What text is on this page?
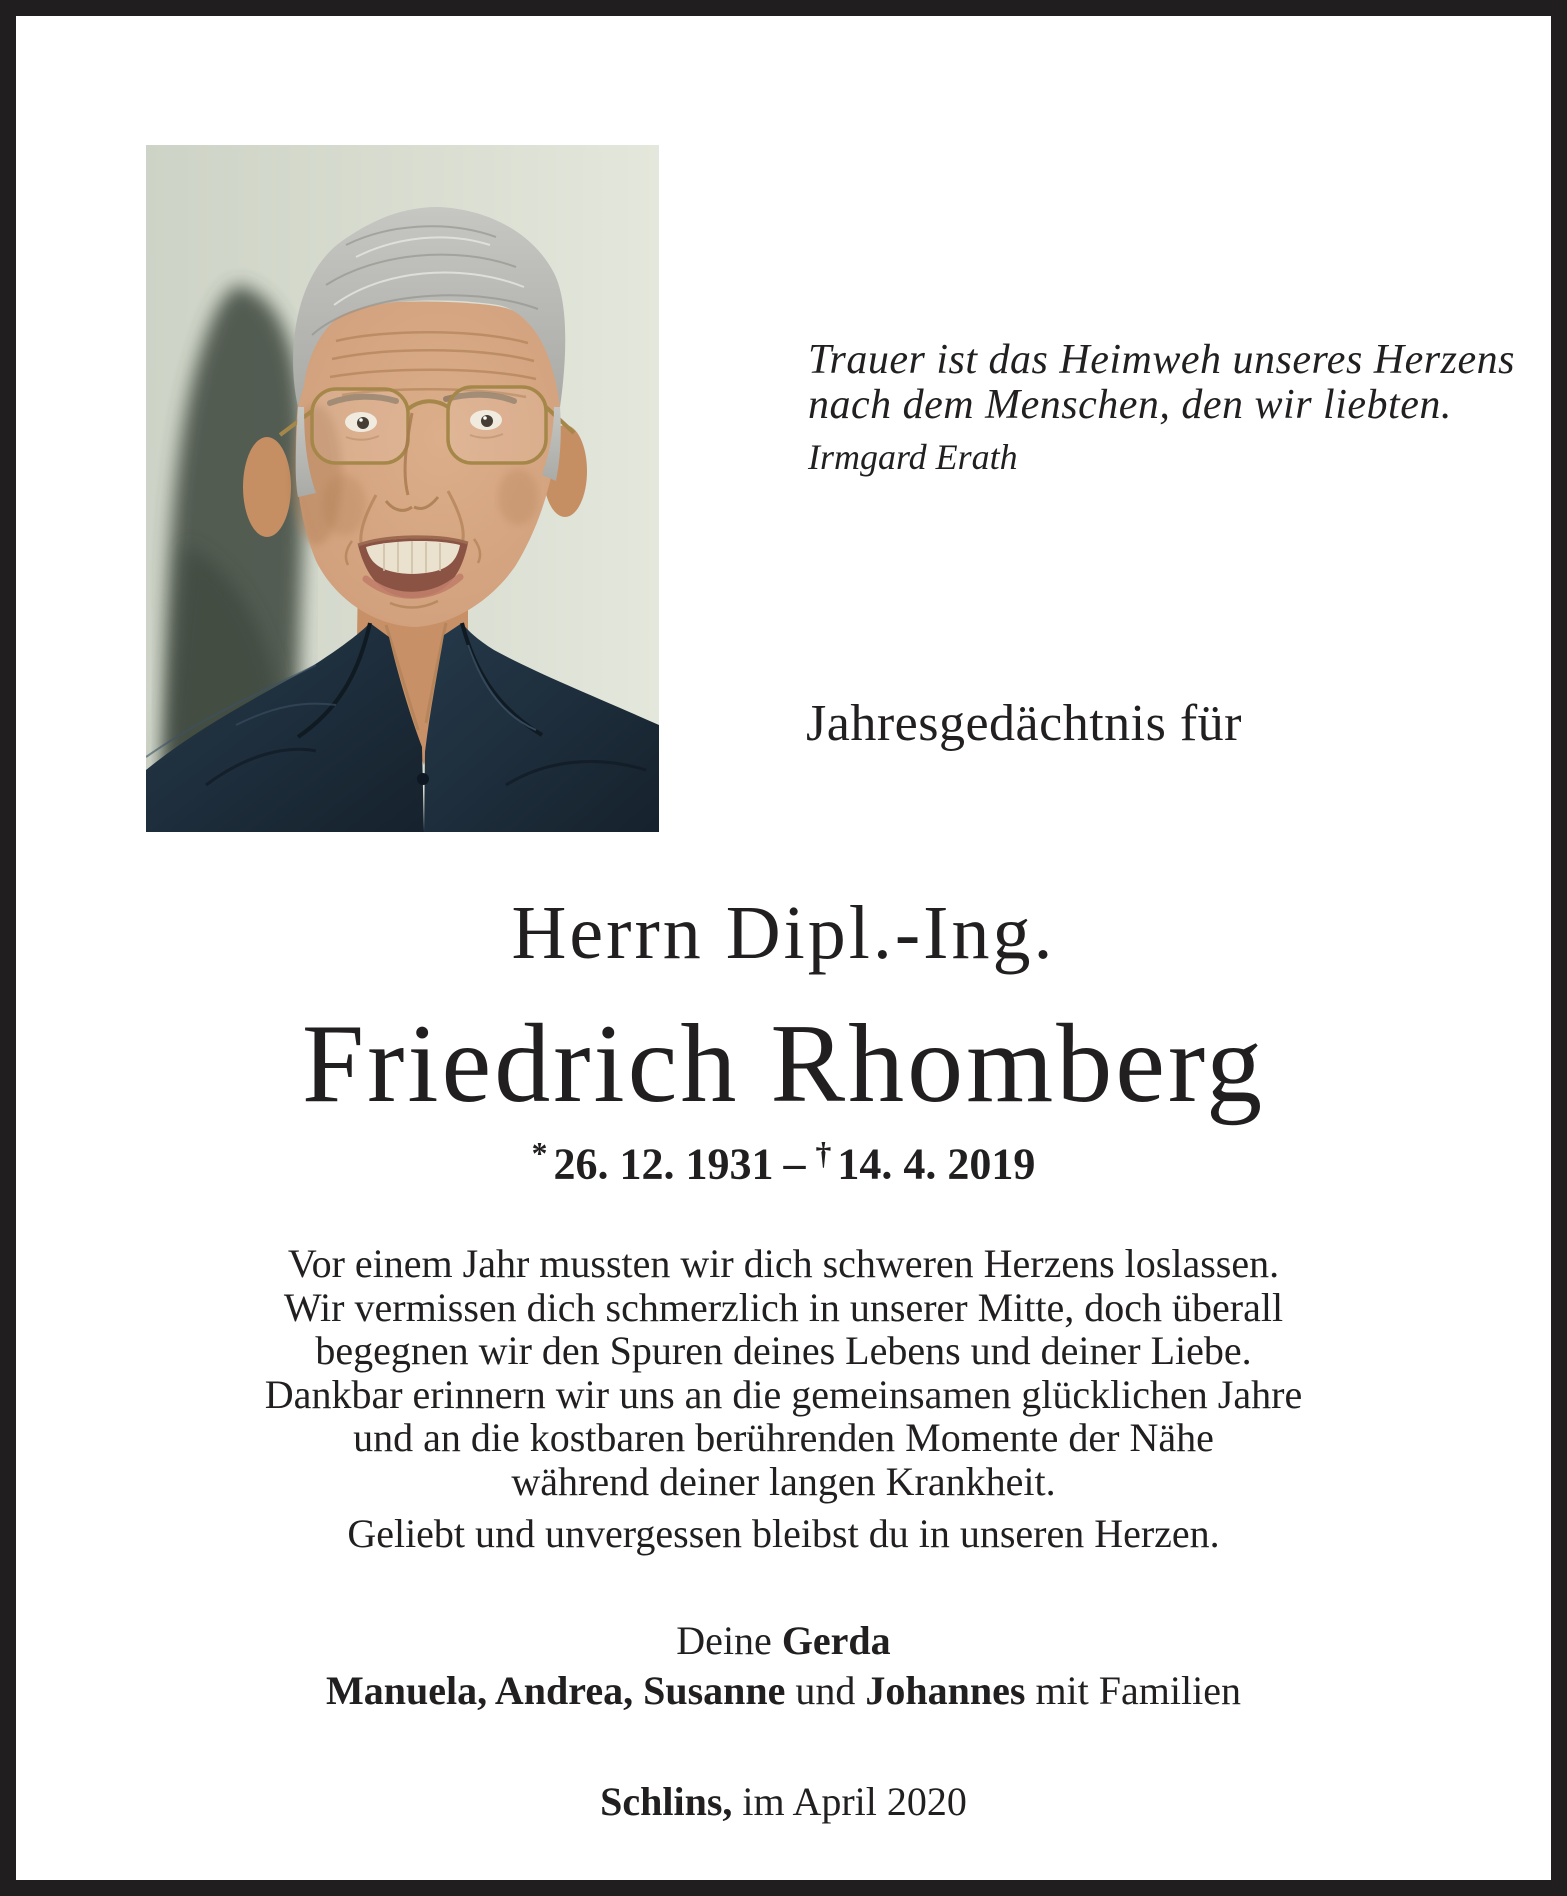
Trauer ist das Heimweh unseres Herzens
nach dem Menschen, den wir liebten.
Irmgard Erath
Jahresgedächtnis für
Herrn Dipl.-Ing.
Friedrich Rhomberg
* 26. 12. 1931 – † 14. 4. 2019
Vor einem Jahr mussten wir dich schweren Herzens loslassen.
Wir vermissen dich schmerzlich in unserer Mitte, doch überall
begegnen wir den Spuren deines Lebens und deiner Liebe.
Dankbar erinnern wir uns an die gemeinsamen glücklichen Jahre
und an die kostbaren berührenden Momente der Nähe
während deiner langen Krankheit.
Geliebt und unvergessen bleibst du in unseren Herzen.
Deine Gerda
Manuela, Andrea, Susanne und Johannes mit Familien
Schlins, im April 2020
